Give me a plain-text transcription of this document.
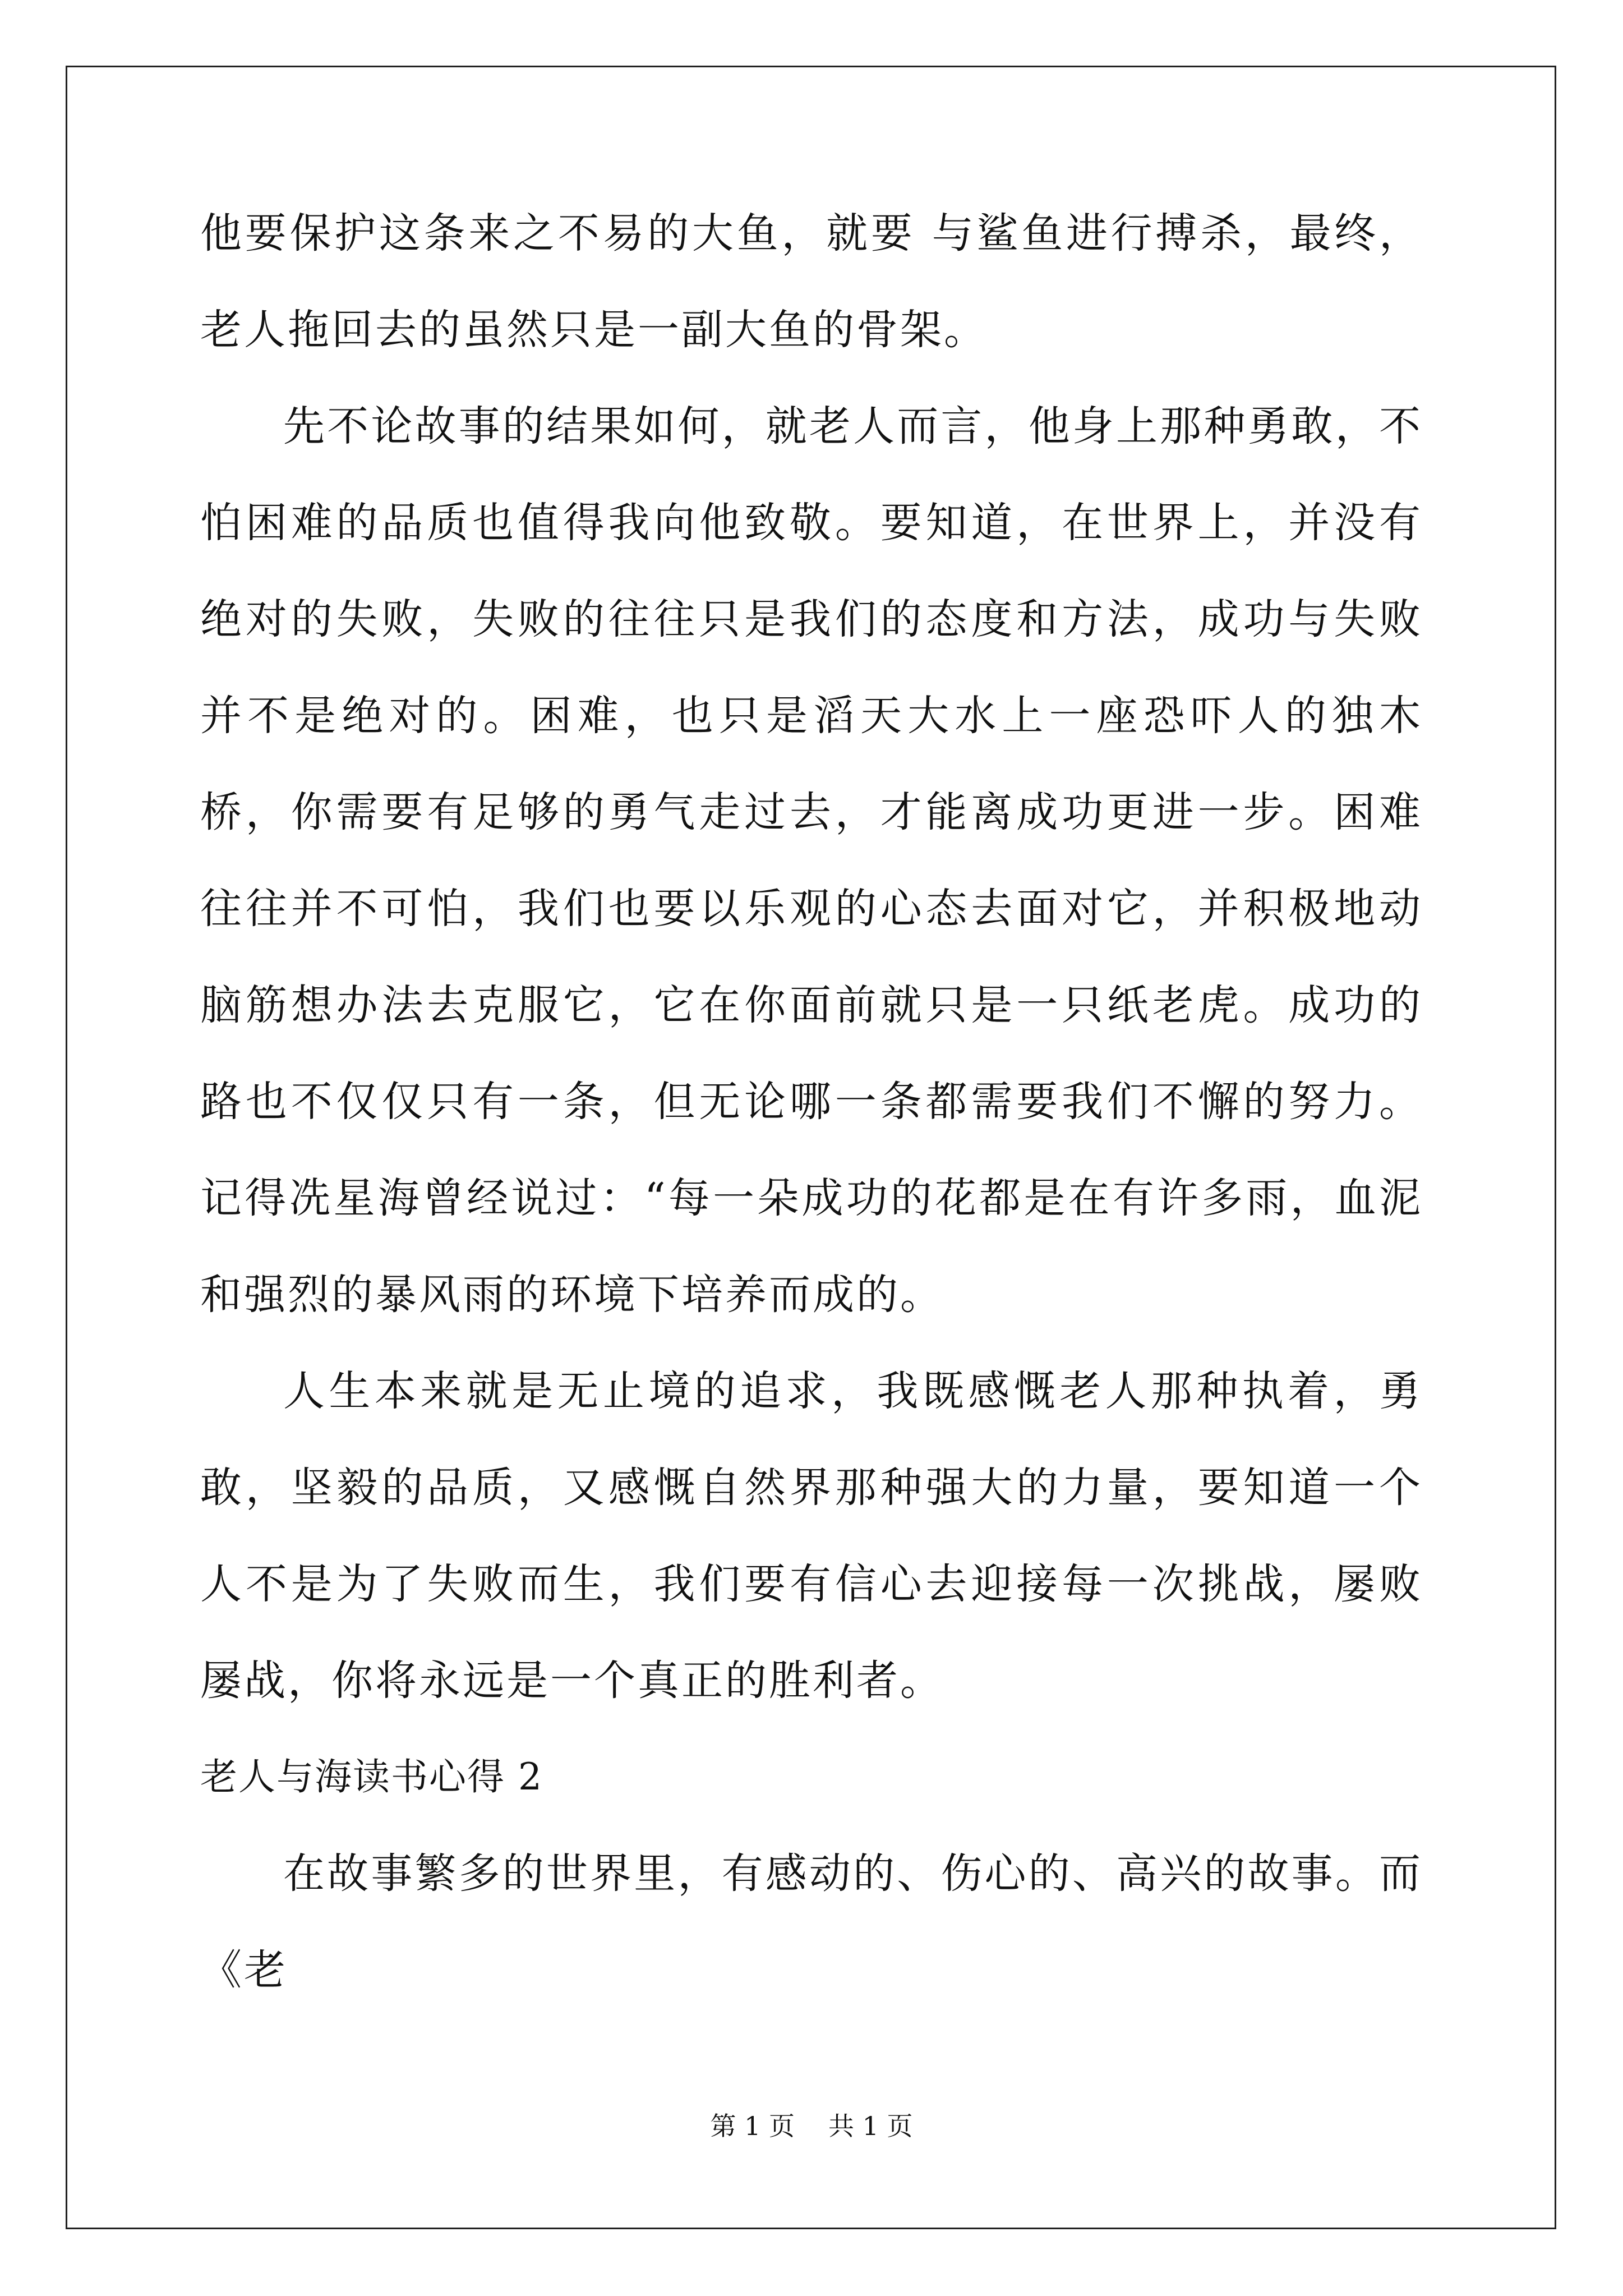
他要保护这条来之不易的大鱼，就要 与鲨鱼进行搏杀，最终，老人拖回去的虽然只是一副大鱼的骨架。

先不论故事的结果如何，就老人而言，他身上那种勇敢，不怕困难的品质也值得我向他致敬。要知道，在世界上，并没有绝对的失败，失败的往往只是我们的态度和方法，成功与失败并不是绝对的。困难，也只是滔天大水上一座恐吓人的独木桥，你需要有足够的勇气走过去，才能离成功更进一步。困难往往并不可怕，我们也要以乐观的心态去面对它，并积极地动脑筋想办法去克服它，它在你面前就只是一只纸老虎。成功的路也不仅仅只有一条，但无论哪一条都需要我们不懈的努力。记得冼星海曾经说过：“每一朵成功的花都是在有许多雨，血泥和强烈的暴风雨的环境下培养而成的。

人生本来就是无止境的追求，我既感慨老人那种执着，勇敢，坚毅的品质，又感慨自然界那种强大的力量，要知道一个人不是为了失败而生，我们要有信心去迎接每一次挑战，屡败屡战，你将永远是一个真正的胜利者。

老人与海读书心得 2

在故事繁多的世界里，有感动的、伤心的、高兴的故事。而《老

第 1 页 共 1 页
